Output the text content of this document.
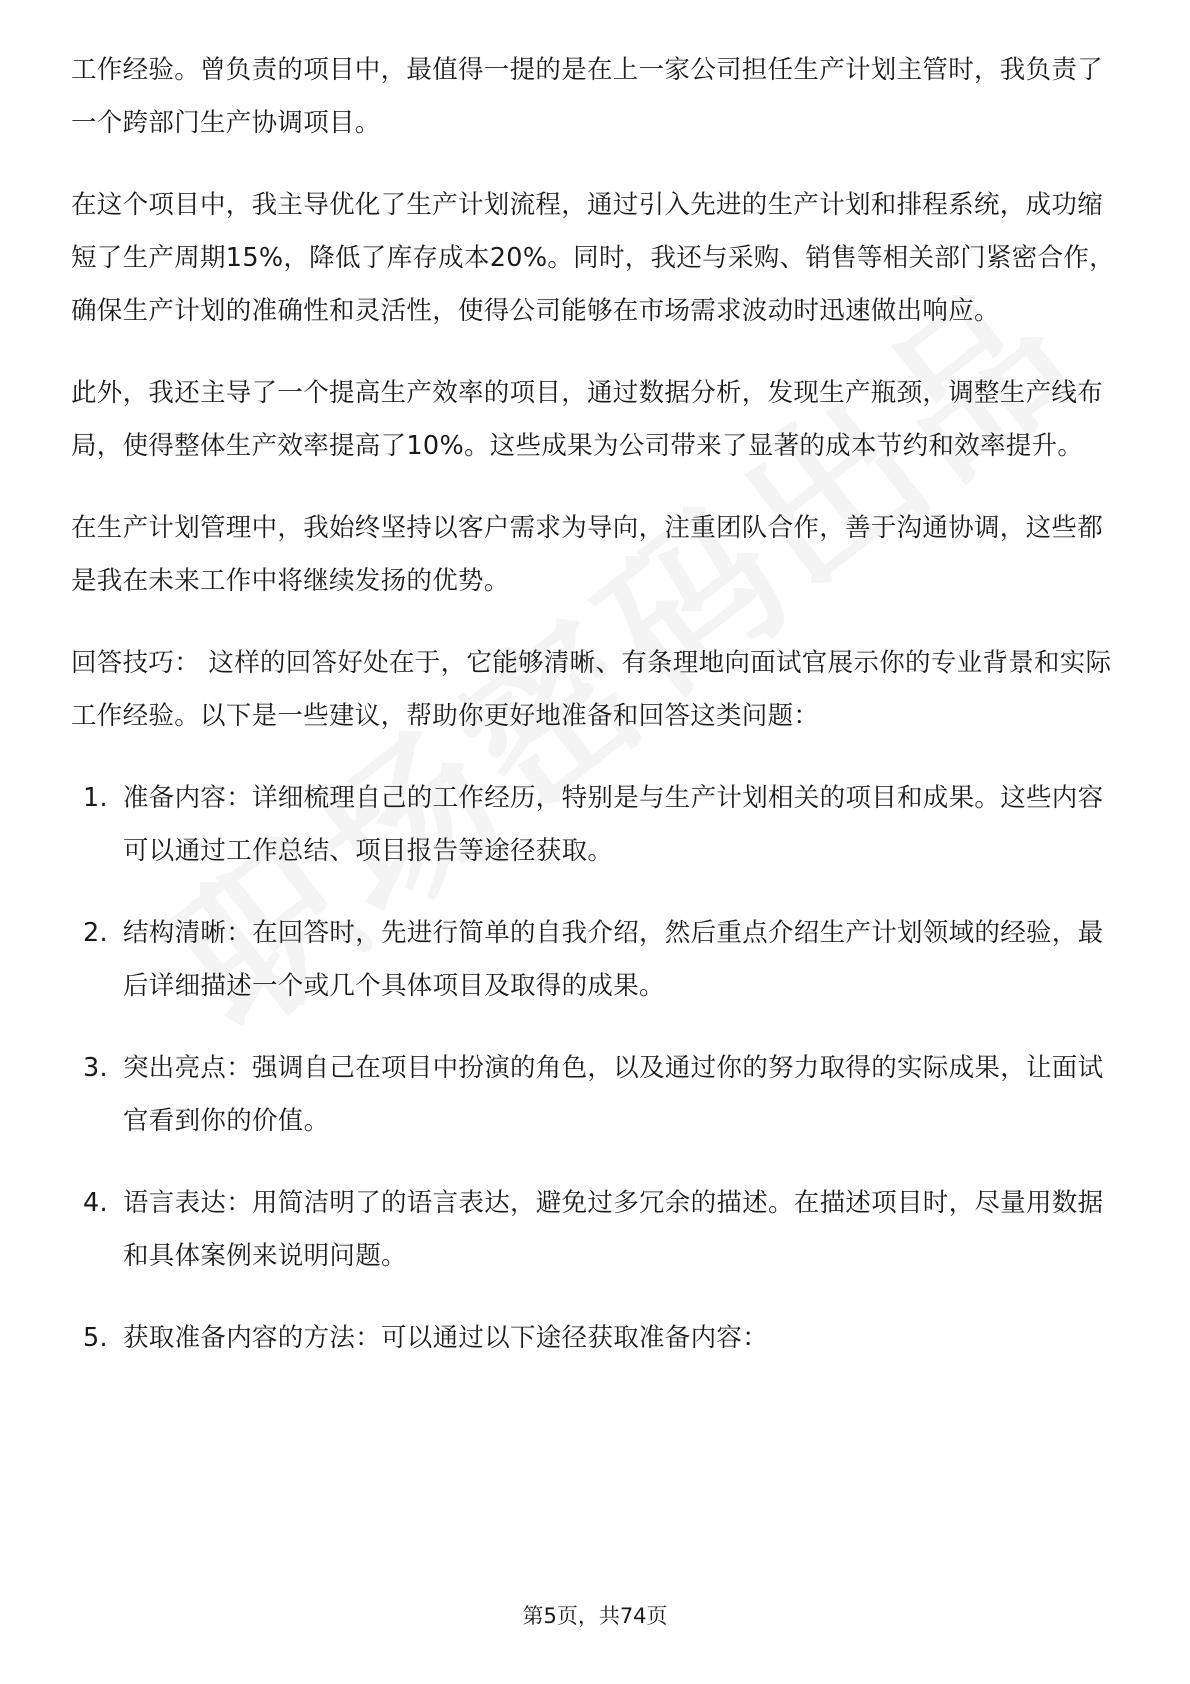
工作经验。曾负责的项目中，最值得一提的是在上一家公司担任生产计划主管时，我负责了一个跨部门生产协调项目。

在这个项目中，我主导优化了生产计划流程，通过引入先进的生产计划和排程系统，成功缩短了生产周期15%，降低了库存成本20%。同时，我还与采购、销售等相关部门紧密合作，确保生产计划的准确性和灵活性，使得公司能够在市场需求波动时迅速做出响应。

此外，我还主导了一个提高生产效率的项目，通过数据分析，发现生产瓶颈，调整生产线布局，使得整体生产效率提高了10%。这些成果为公司带来了显著的成本节约和效率提升。

在生产计划管理中，我始终坚持以客户需求为导向，注重团队合作，善于沟通协调，这些都是我在未来工作中将继续发扬的优势。

回答技巧： 这样的回答好处在于，它能够清晰、有条理地向面试官展示你的专业背景和实际工作经验。以下是一些建议，帮助你更好地准备和回答这类问题：

1. 准备内容：详细梳理自己的工作经历，特别是与生产计划相关的项目和成果。这些内容可以通过工作总结、项目报告等途径获取。
2. 结构清晰：在回答时，先进行简单的自我介绍，然后重点介绍生产计划领域的经验，最后详细描述一个或几个具体项目及取得的成果。
3. 突出亮点：强调自己在项目中扮演的角色，以及通过你的努力取得的实际成果，让面试官看到你的价值。
4. 语言表达：用简洁明了的语言表达，避免过多冗余的描述。在描述项目时，尽量用数据和具体案例来说明问题。
5. 获取准备内容的方法：可以通过以下途径获取准备内容：
第5页，共74页
